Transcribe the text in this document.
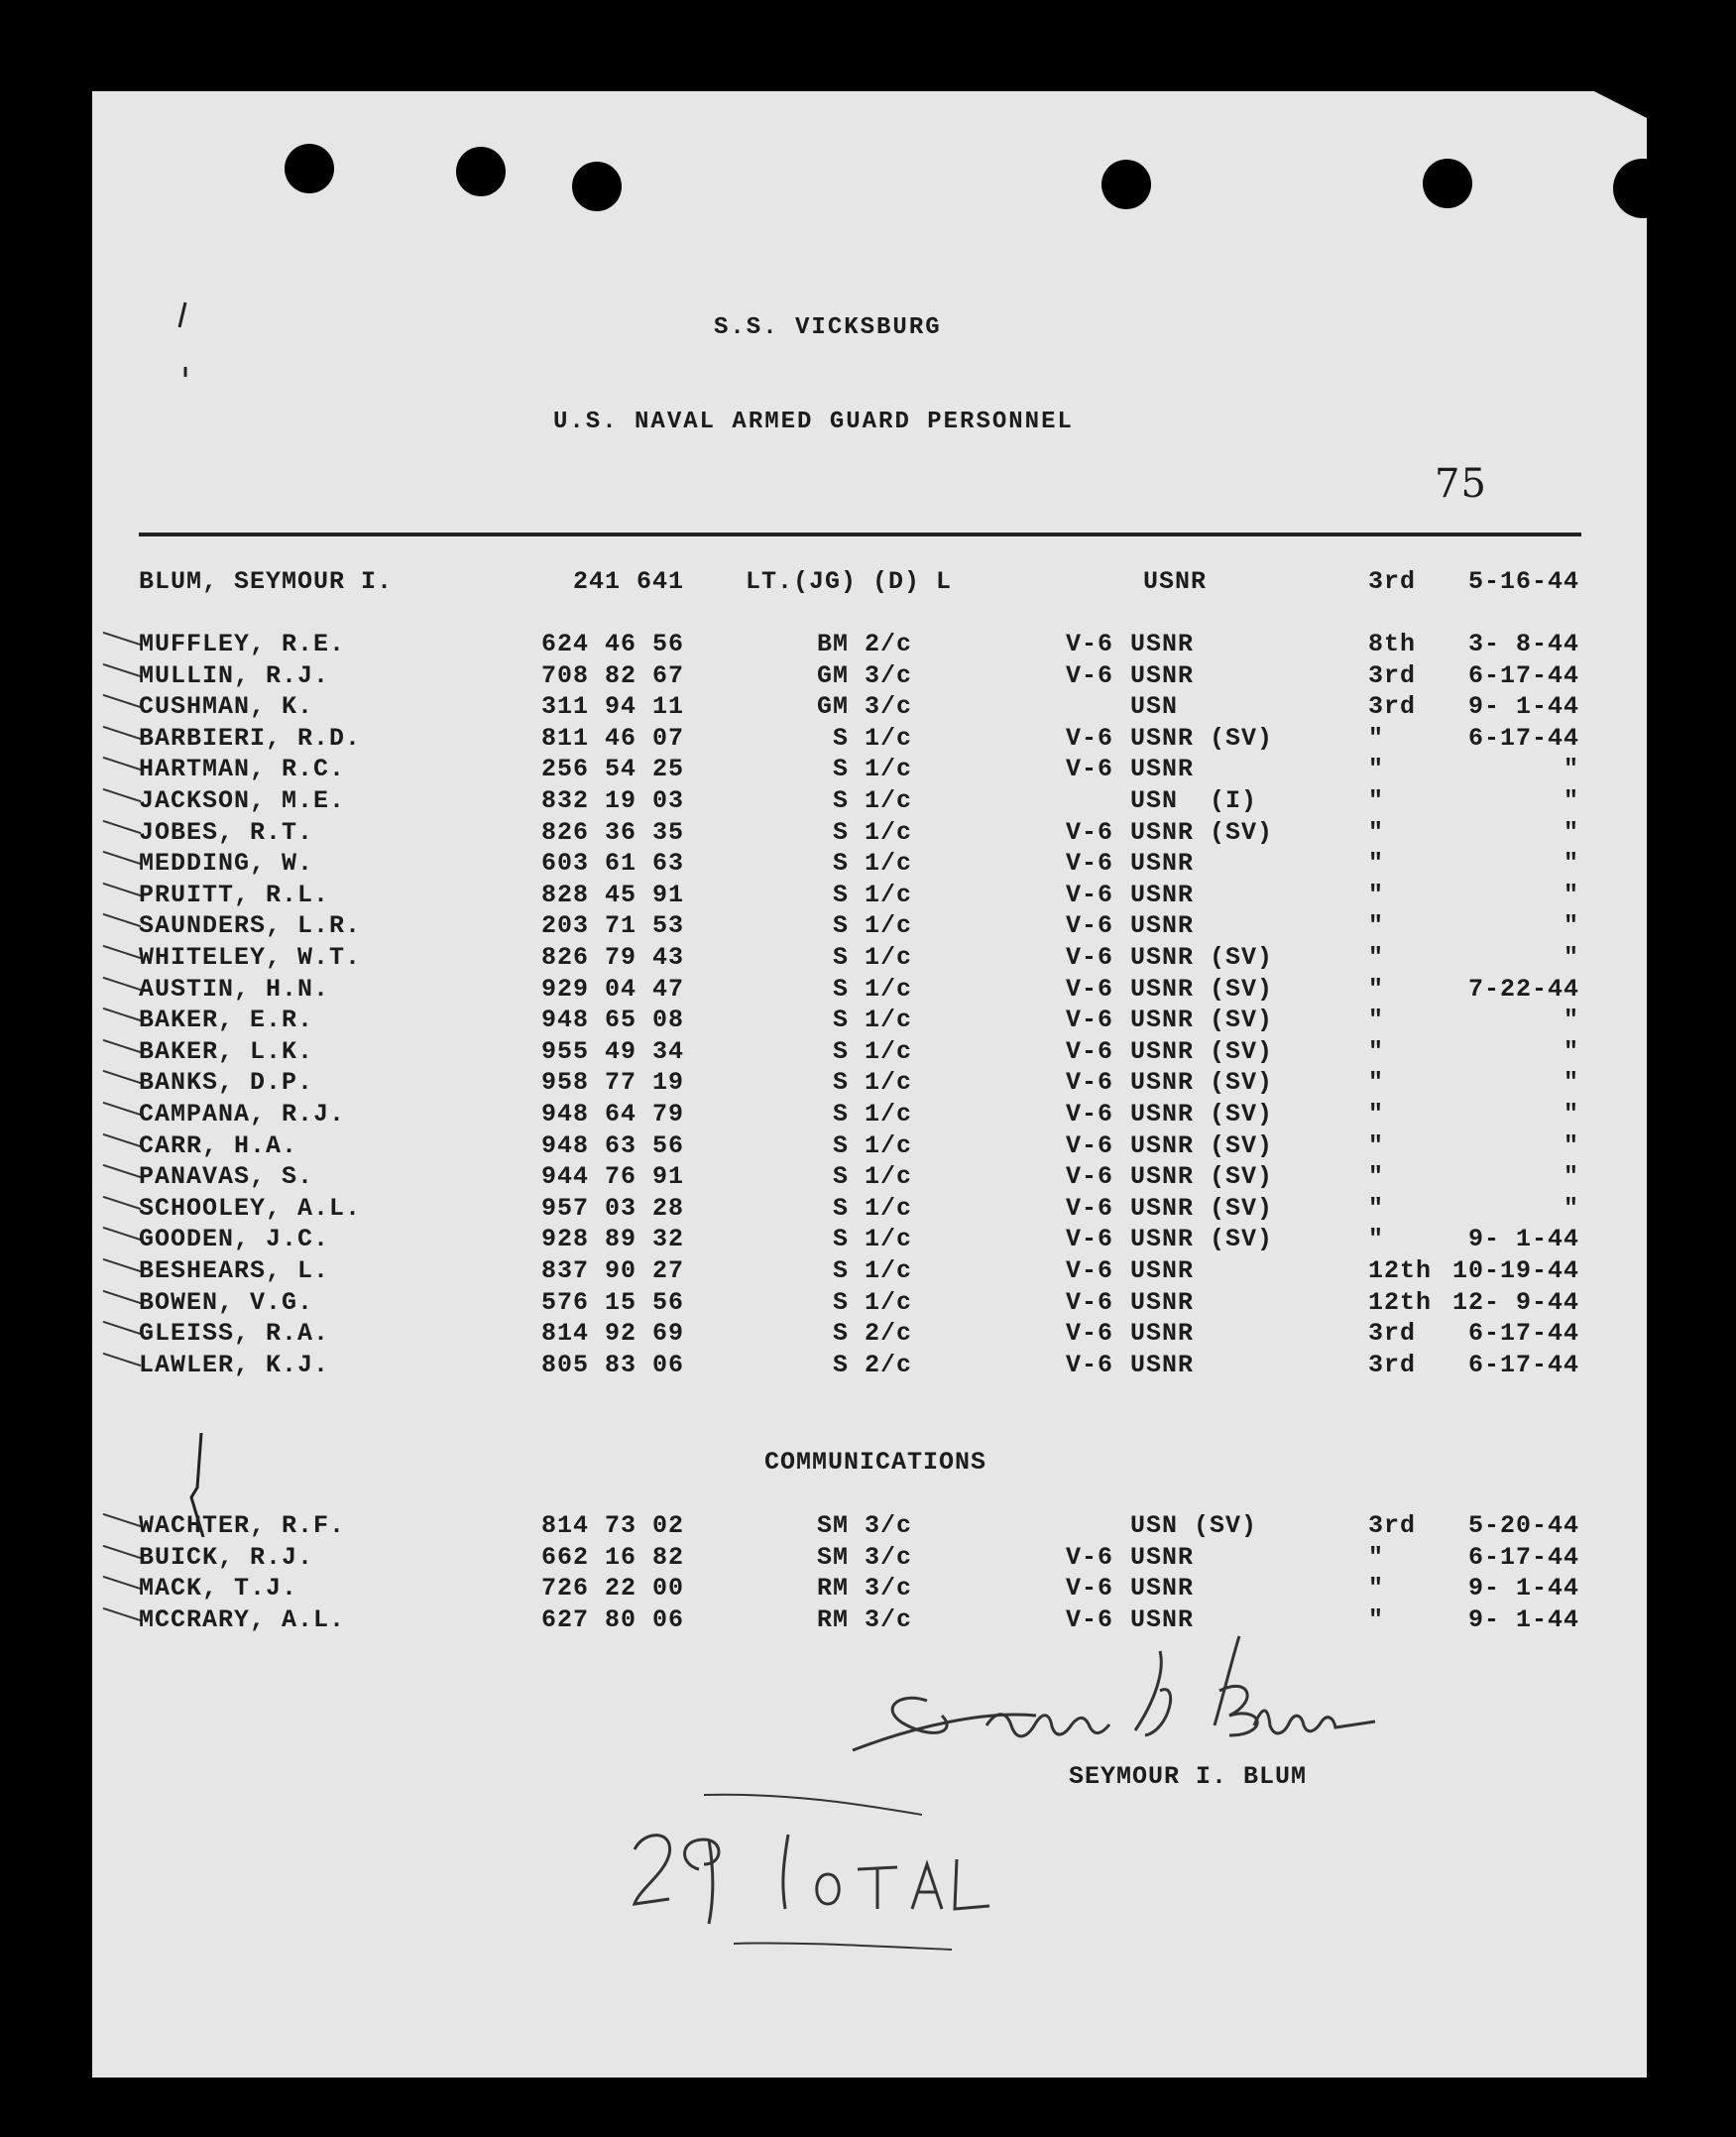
S.S. VICKSBURG
U.S. NAVAL ARMED GUARD PERSONNEL
75
BLUM, SEYMOUR I.	241 641 LT.(JG) (D) L	USNR	3rd	5-16-44
MUFFLEY, R.E.	624 46 56	BM 2/c	V-6 USNR	8th	3- 8-44
MULLIN, R.J.	708 82 67	GM 3/c	V-6 USNR	3rd	6-17-44
CUSHMAN, K.	311 94 11	GM 3/c	USN	3rd	9- 1-44
BARBIERI, R.D.	811 46 07	S 1/c	V-6 USNR (SV)	"	6-17-44
HARTMAN, R.C.	256 54 25	S 1/c	V-6 USNR	"	"
JACKSON, M.E.	832 19 03	S 1/c	USN  (I)	"	"
JOBES, R.T.	826 36 35	S 1/c	V-6 USNR (SV)	"	"
MEDDING, W.	603 61 63	S 1/c	V-6 USNR	"	"
PRUITT, R.L.	828 45 91	S 1/c	V-6 USNR	"	"
SAUNDERS, L.R.	203 71 53	S 1/c	V-6 USNR	"	"
WHITELEY, W.T.	826 79 43	S 1/c	V-6 USNR (SV)	"	"
AUSTIN, H.N.	929 04 47	S 1/c	V-6 USNR (SV)	"	7-22-44
BAKER, E.R.	948 65 08	S 1/c	V-6 USNR (SV)	"	"
BAKER, L.K.	955 49 34	S 1/c	V-6 USNR (SV)	"	"
BANKS, D.P.	958 77 19	S 1/c	V-6 USNR (SV)	"	"
CAMPANA, R.J.	948 64 79	S 1/c	V-6 USNR (SV)	"	"
CARR, H.A.	948 63 56	S 1/c	V-6 USNR (SV)	"	"
PANAVAS, S.	944 76 91	S 1/c	V-6 USNR (SV)	"	"
SCHOOLEY, A.L.	957 03 28	S 1/c	V-6 USNR (SV)	"	"
GOODEN, J.C.	928 89 32	S 1/c	V-6 USNR (SV)	"	9- 1-44
BESHEARS, L.	837 90 27	S 1/c	V-6 USNR	12th 10-19-44
BOWEN, V.G.	576 15 56	S 1/c	V-6 USNR	12th 12- 9-44
GLEISS, R.A.	814 92 69	S 2/c	V-6 USNR	3rd	6-17-44
LAWLER, K.J.	805 83 06	S 2/c	V-6 USNR	3rd	6-17-44
COMMUNICATIONS
WACHTER, R.F.	814 73 02	SM 3/c	USN (SV)	3rd	5-20-44
BUICK, R.J.	662 16 82	SM 3/c	V-6 USNR	"	6-17-44
MACK, T.J.	726 22 00	RM 3/c	V-6 USNR	"	9- 1-44
MCCRARY, A.L.	627 80 06	RM 3/c	V-6 USNR	"	9- 1-44
SEYMOUR I. BLUM
